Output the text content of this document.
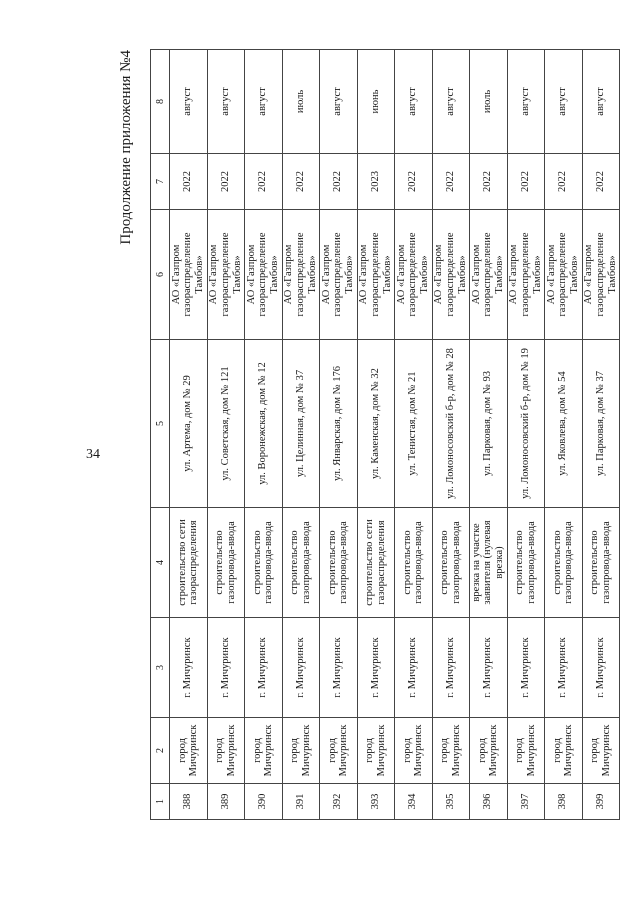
34
Продолжение приложения №4
1	2	3	4	5	6	7	8
388	город Мичуринск	г. Мичуринск	строительство сети газораспределения	ул. Артема, дом № 29	АО «Газпром газораспределение Тамбов»	2022	август
389	город Мичуринск	г. Мичуринск	строительство газопровода-ввода	ул. Советская, дом № 121	АО «Газпром газораспределение Тамбов»	2022	август
390	город Мичуринск	г. Мичуринск	строительство газопровода-ввода	ул. Воронежская, дом № 12	АО «Газпром газораспределение Тамбов»	2022	август
391	город Мичуринск	г. Мичуринск	строительство газопровода-ввода	ул. Целинная, дом № 37	АО «Газпром газораспределение Тамбов»	2022	июль
392	город Мичуринск	г. Мичуринск	строительство газопровода-ввода	ул. Январская, дом № 176	АО «Газпром газораспределение Тамбов»	2022	август
393	город Мичуринск	г. Мичуринск	строительство сети газораспределения	ул. Каменская, дом № 32	АО «Газпром газораспределение Тамбов»	2023	июнь
394	город Мичуринск	г. Мичуринск	строительство газопровода-ввода	ул. Тенистая, дом № 21	АО «Газпром газораспределение Тамбов»	2022	август
395	город Мичуринск	г. Мичуринск	строительство газопровода-ввода	ул. Ломоносовский б-р, дом № 28	АО «Газпром газораспределение Тамбов»	2022	август
396	город Мичуринск	г. Мичуринск	врезка на участке заявителя (нулевая врезка)	ул. Парковая, дом № 93	АО «Газпром газораспределение Тамбов»	2022	июль
397	город Мичуринск	г. Мичуринск	строительство газопровода-ввода	ул. Ломоносовский б-р, дом № 19	АО «Газпром газораспределение Тамбов»	2022	август
398	город Мичуринск	г. Мичуринск	строительство газопровода-ввода	ул. Яковлева, дом № 54	АО «Газпром газораспределение Тамбов»	2022	август
399	город Мичуринск	г. Мичуринск	строительство газопровода-ввода	ул. Парковая, дом № 37	АО «Газпром газораспределение Тамбов»	2022	август
